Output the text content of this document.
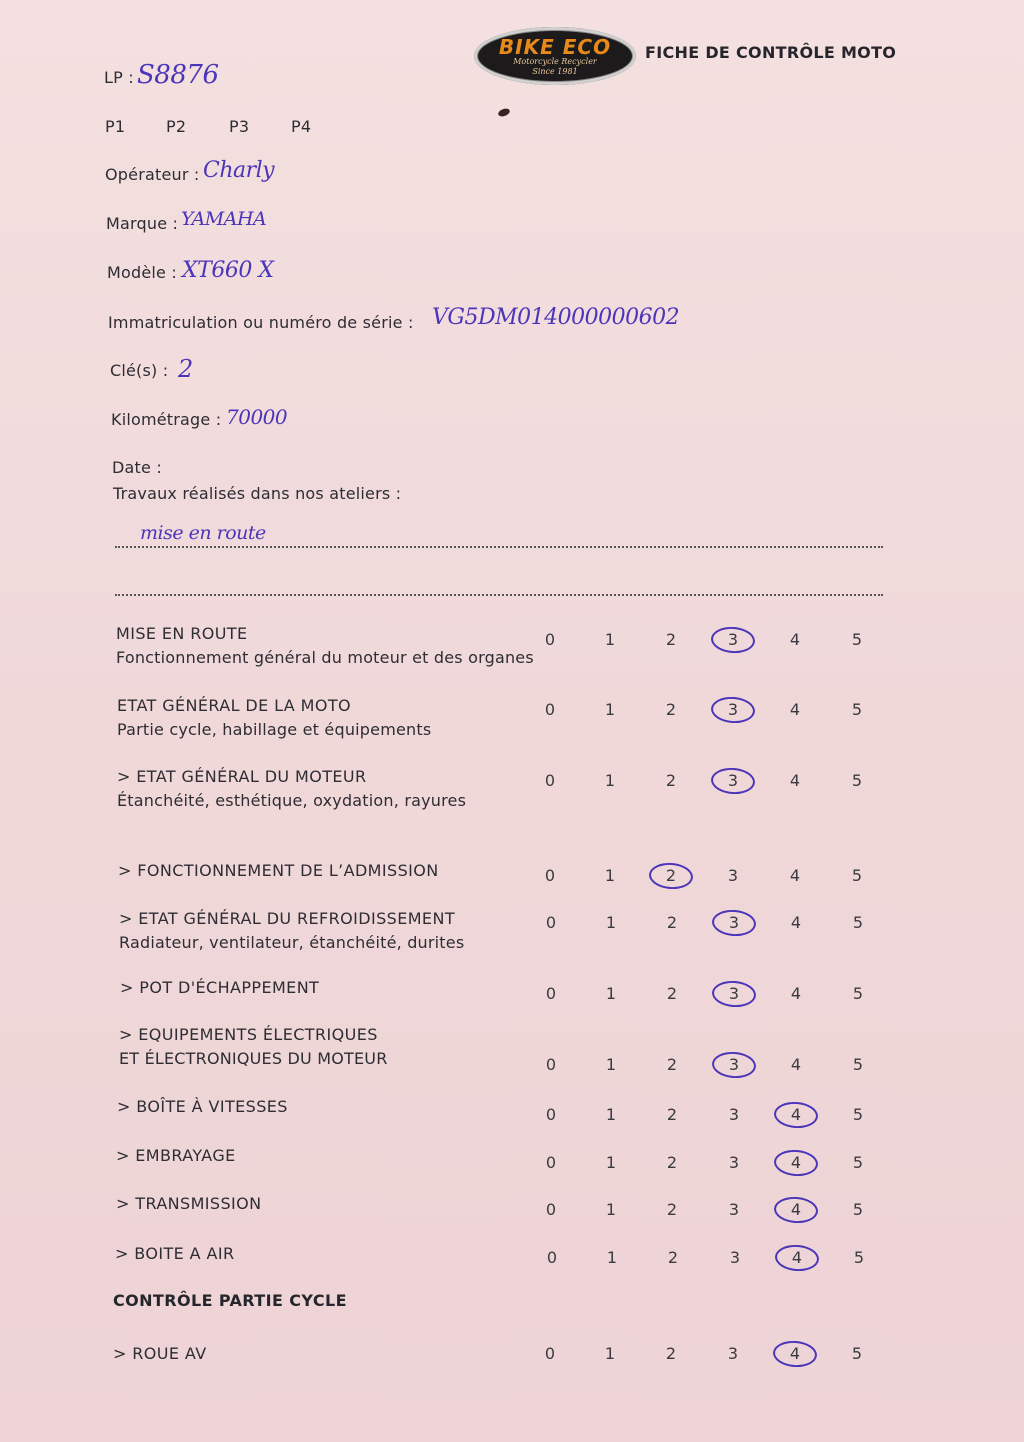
BIKE ECO
Motorcycle Recycler
Since 1981
FICHE DE CONTRÔLE MOTO
LP : S8876
P1	P2	P3	P4
Opérateur : Charly
Marque : YAMAHA
Modèle : XT660 X
Immatriculation ou numéro de série : VG5DM014000000602
Clé(s) : 2
Kilométrage : 70000
Date :
Travaux réalisés dans nos ateliers :
mise en route
MISE EN ROUTE
Fonctionnement général du moteur et des organes
0	1	2	3	4	5
ETAT GÉNÉRAL DE LA MOTO
Partie cycle, habillage et équipements
0	1	2	3	4	5
> ETAT GÉNÉRAL DU MOTEUR
Étanchéité, esthétique, oxydation, rayures
0	1	2	3	4	5
> FONCTIONNEMENT DE L’ADMISSION	0	1	2	3	4	5
> ETAT GÉNÉRAL DU REFROIDISSEMENT
Radiateur, ventilateur, étanchéité, durites
0	1	2	3	4	5
> POT D'ÉCHAPPEMENT	0	1	2	3	4	5
> EQUIPEMENTS ÉLECTRIQUES
ET ÉLECTRONIQUES DU MOTEUR	0	1	2	3	4	5
> BOÎTE À VITESSES	0	1	2	3	4	5
> EMBRAYAGE	0	1	2	3	4	5
> TRANSMISSION	0	1	2	3	4	5
> BOITE A AIR	0	1	2	3	4	5
CONTRÔLE PARTIE CYCLE
> ROUE AV	0	1	2	3	4	5
